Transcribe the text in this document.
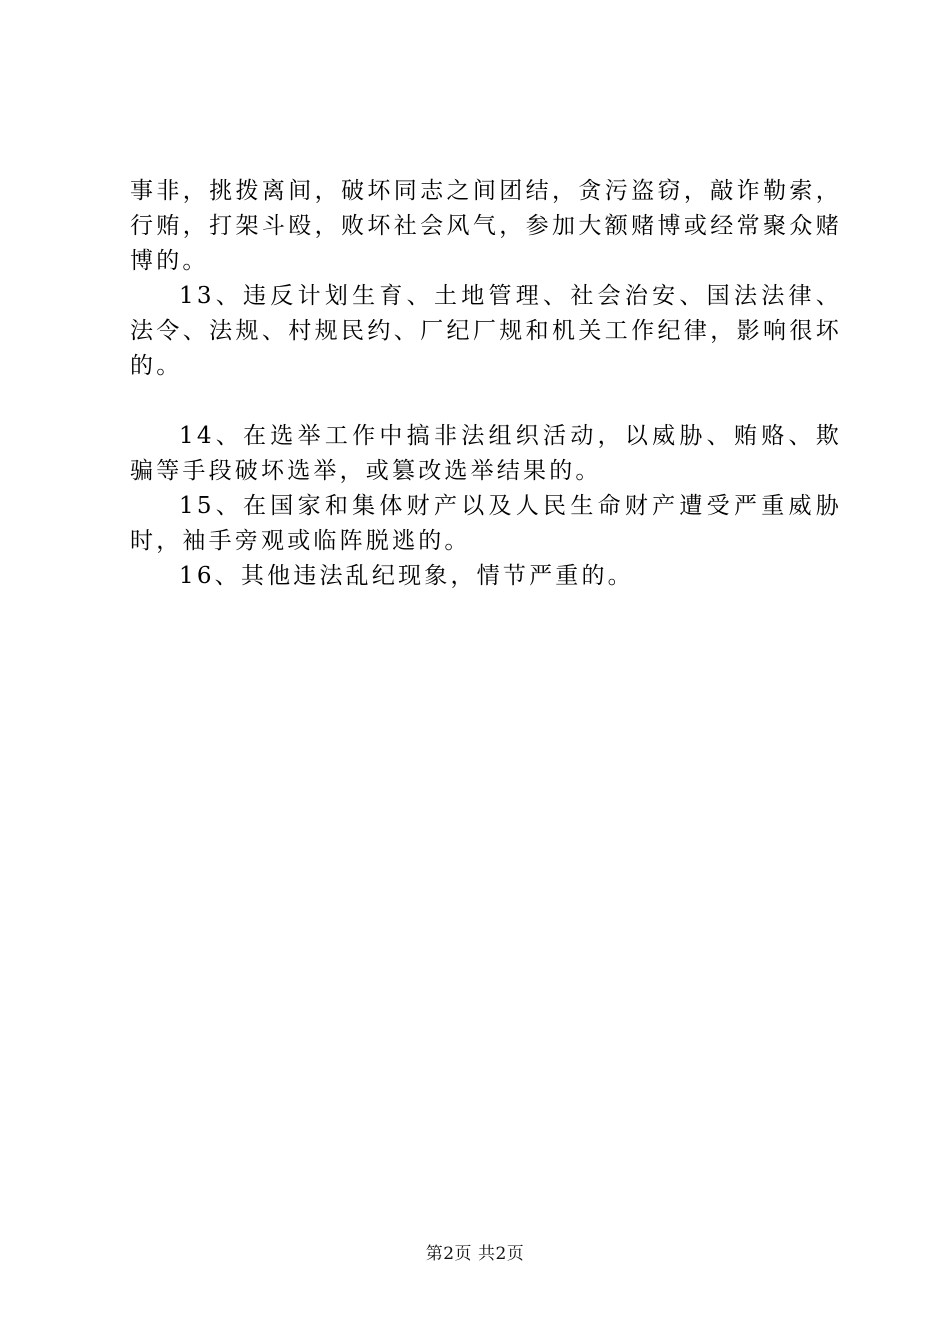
事非，挑拨离间，破坏同志之间团结，贪污盗窃，敲诈勒索，行贿，打架斗殴，败坏社会风气，参加大额赌博或经常聚众赌博的。

13、违反计划生育、土地管理、社会治安、国法法律、法令、法规、村规民约、厂纪厂规和机关工作纪律，影响很坏的。

14、在选举工作中搞非法组织活动，以威胁、贿赂、欺骗等手段破坏选举，或篡改选举结果的。

15、在国家和集体财产以及人民生命财产遭受严重威胁时，袖手旁观或临阵脱逃的。

16、其他违法乱纪现象，情节严重的。

第2页 共2页
